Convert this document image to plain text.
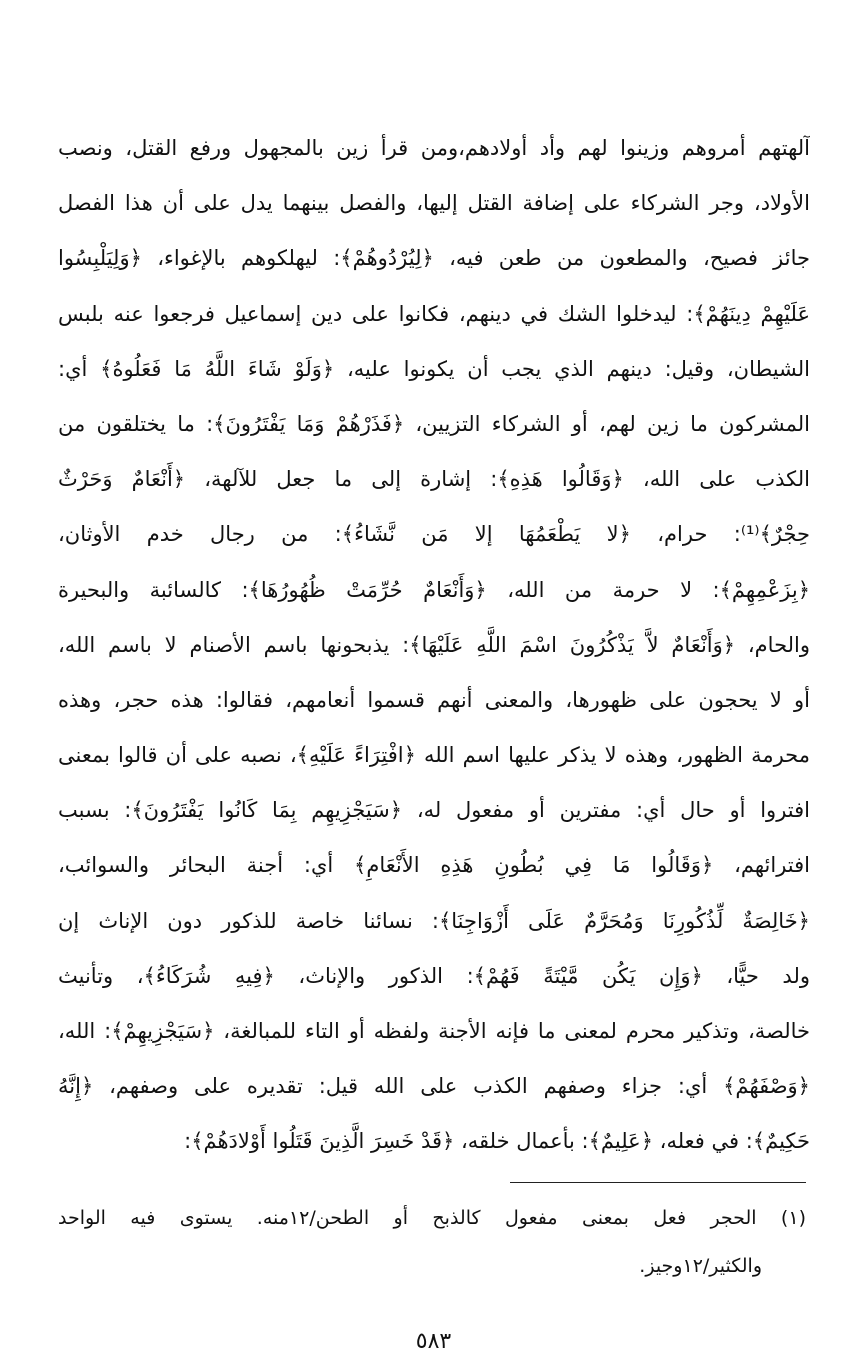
آلهتهم أمروهم وزينوا لهم وأد أولادهم،ومن قرأ زين بالمجهول ورفع القتل، ونصب
الأولاد، وجر الشركاء على إضافة القتل إليها، والفصل بينهما يدل على أن هذا الفصل
جائز فصيح، والمطعون من طعن فيه، ﴿لِيُرْدُوهُمْ﴾: ليهلكوهم بالإغواء، ﴿وَلِيَلْبِسُوا
عَلَيْهِمْ دِينَهُمْ﴾: ليدخلوا الشك في دينهم، فكانوا على دين إسماعيل فرجعوا عنه بلبس
الشيطان، وقيل: دينهم الذي يجب أن يكونوا عليه، ﴿وَلَوْ شَاءَ اللَّهُ مَا فَعَلُوهُ﴾ أي:
المشركون ما زين لهم، أو الشركاء التزيين، ﴿فَذَرْهُمْ وَمَا يَفْتَرُونَ﴾: ما يختلقون من
الكذب على الله، ﴿وَقَالُوا هَذِهِ﴾: إشارة إلى ما جعل للآلهة، ﴿أَنْعَامٌ وَحَرْثٌ
حِجْرٌ﴾⁽¹⁾: حرام، ﴿لا يَطْعَمُهَا إلا مَن نَّشَاءُ﴾: من رجال خدم الأوثان،
﴿بِزَعْمِهِمْ﴾: لا حرمة من الله، ﴿وَأَنْعَامٌ حُرِّمَتْ ظُهُورُهَا﴾: كالسائبة والبحيرة
والحام، ﴿وَأَنْعَامٌ لاَّ يَذْكُرُونَ اسْمَ اللَّهِ عَلَيْهَا﴾: يذبحونها باسم الأصنام لا باسم الله،
أو لا يحجون على ظهورها، والمعنى أنهم قسموا أنعامهم، فقالوا: هذه حجر، وهذه
محرمة الظهور، وهذه لا يذكر عليها اسم الله ﴿افْتِرَاءً عَلَيْهِ﴾، نصبه على أن قالوا بمعنى
افتروا أو حال أي: مفترين أو مفعول له، ﴿سَيَجْزِيهِم بِمَا كَانُوا يَفْتَرُونَ﴾: بسبب
افترائهم، ﴿وَقَالُوا مَا فِي بُطُونِ هَذِهِ الأَنْعَامِ﴾ أي: أجنة البحائر والسوائب،
﴿خَالِصَةٌ لِّذُكُورِنَا وَمُحَرَّمٌ عَلَى أَزْوَاجِنَا﴾: نسائنا خاصة للذكور دون الإناث إن
ولد حيًّا، ﴿وَإِن يَكُن مَّيْتَةً فَهُمْ﴾: الذكور والإناث، ﴿فِيهِ شُرَكَاءُ﴾، وتأنيث
خالصة، وتذكير محرم لمعنى ما فإنه الأجنة ولفظه أو التاء للمبالغة، ﴿سَيَجْزِيهِمْ﴾: الله،
﴿وَصْفَهُمْ﴾ أي: جزاء وصفهم الكذب على الله قيل: تقديره على وصفهم، ﴿إِنَّهُ
حَكِيمٌ﴾: في فعله، ﴿عَلِيمٌ﴾: بأعمال خلقه، ﴿قَدْ خَسِرَ الَّذِينَ قَتَلُوا أَوْلادَهُمْ﴾:
(١) الحجر فعل بمعنى مفعول كالذبح أو الطحن/١٢منه. يستوى فيه الواحد
والكثير/١٢وجيز.
٥٨٣
